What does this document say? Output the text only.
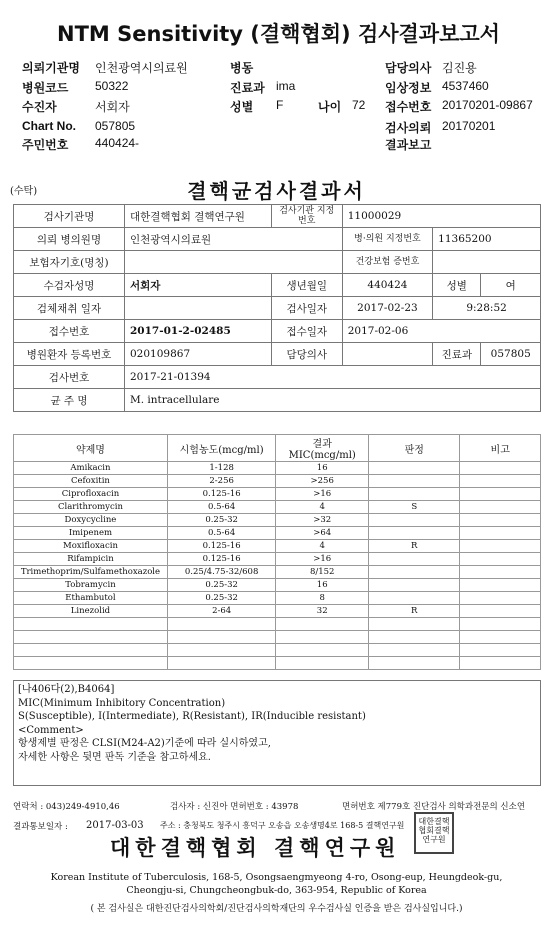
NTM Sensitivity (결핵협회) 검사결과보고서
의뢰기관명 인천광역시의료원	병동	담당의사 김진용
병원코드 50322	진료과 ima	임상정보 4537460
수진자	서회자	성별 F	나이 72 접수번호 20170201-09867
Chart No. 057805	검사의뢰 20170201
주민번호 440424-	결과보고
(수탁)	결핵균검사결과서
검사기관명	대한결핵협회 결핵연구원	검사기관 지정번호	11000029		
의뢰 병의원명	인천광역시의료원		병·의원 지정번호	11365200	
보험자기호(명칭)			건강보험 증번호		
수검자성명	서회자	생년월일	440424	성별	여
검체채취 일자		검사일자	2017-02-23	9:28:52	
접수번호	2017-01-2-02485	접수일자	2017-02-06		
병원환자 등록번호	020109867	담당의사		진료과	057805
검사번호	2017-21-01394				
균 주 명	M. intracellulare				
약제명	시험농도(mcg/ml)	결과 MIC(mcg/ml)	판정	비고
Amikacin	1-128	16		
Cefoxitin	2-256	>256		
Ciprofloxacin	0.125-16	>16		
Clarithromycin	0.5-64	4	S	
Doxycycline	0.25-32	>32		
Imipenem	0.5-64	>64		
Moxifloxacin	0.125-16	4	R	
Rifampicin	0.125-16	>16		
Trimethoprim/Sulfamethoxazole	0.25/4.75-32/608	8/152		
Tobramycin	0.25-32	16		
Ethambutol	0.25-32	8		
Linezolid	2-64	32	R	

[나406다(2),B4064]
MIC(Minimum Inhibitory Concentration)
S(Susceptible), I(Intermediate), R(Resistant), IR(Inducible resistant)
<Comment>
항생제별 판정은 CLSI(M24-A2)기준에 따라 실시하였고,
자세한 사항은 뒷면 판독 기준을 참고하세요.
연락처 : 043)249-4910,46	검사자 : 신진아 면허번호 : 43978	면허번호 제779호 진단검사 의학과전문의 신소연
결과통보일자 : 2017-03-03 주소 : 충청북도 청주시 흥덕구 오송읍 오송생명4로 168-5 결핵연구원
대한결핵협회 결핵연구원
대한결핵협회결핵연구원
Korean Institute of Tuberculosis, 168-5, Osongsaengmyeong 4-ro, Osong-eup, Heungdeok-gu,
Cheongju-si, Chungcheongbuk-do, 363-954, Republic of Korea
( 본 검사실은 대한진단검사의학회/진단검사의학재단의 우수검사실 인증을 받은 검사실입니다.)
